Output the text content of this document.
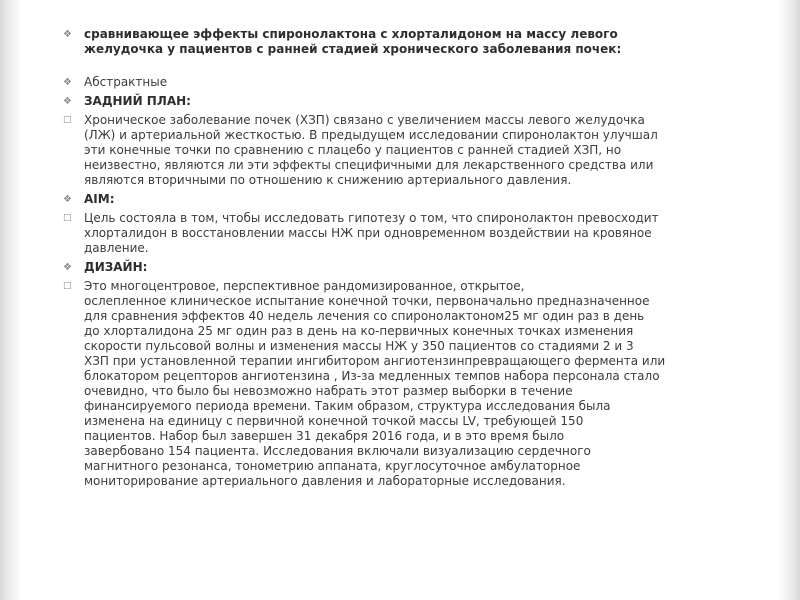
❖	сравнивающее эффекты спиронолактона с хлорталидоном на массу левого
желудочка у пациентов с ранней стадией хронического заболевания почек:
❖	Абстрактные
❖	ЗАДНИЙ ПЛАН:
□	Хроническое заболевание почек (ХЗП) связано с увеличением массы левого желудочка
(ЛЖ) и артериальной жесткостью. В предыдущем исследовании спиронолактон улучшал
эти конечные точки по сравнению с плацебо у пациентов с ранней стадией ХЗП, но
неизвестно, являются ли эти эффекты специфичными для лекарственного средства или
являются вторичными по отношению к снижению артериального давления.
❖	AIM:
□	Цель состояла в том, чтобы исследовать гипотезу о том, что спиронолактон превосходит
хлорталидон в восстановлении массы НЖ при одновременном воздействии на кровяное
давление.
❖	ДИЗАЙН:
□	Это многоцентровое, перспективное рандомизированное, открытое,
ослепленное клиническое испытание конечной точки, первоначально предназначенное
для сравнения эффектов 40 недель лечения со спиронолактоном25 мг один раз в день
до хлорталидона 25 мг один раз в день на ко-первичных конечных точках изменения
скорости пульсовой волны и изменения массы НЖ у 350 пациентов со стадиями 2 и 3
ХЗП при установленной терапии ингибитором ангиотензинпревращающего фермента или
блокатором рецепторов ангиотензина , Из-за медленных темпов набора персонала стало
очевидно, что было бы невозможно набрать этот размер выборки в течение
финансируемого периода времени. Таким образом, структура исследования была
изменена на единицу с первичной конечной точкой массы LV, требующей 150
пациентов. Набор был завершен 31 декабря 2016 года, и в это время было
завербовано 154 пациента. Исследования включали визуализацию сердечного
магнитного резонанса, тонометрию аппаната, круглосуточное амбулаторное
мониторирование артериального давления и лабораторные исследования.
